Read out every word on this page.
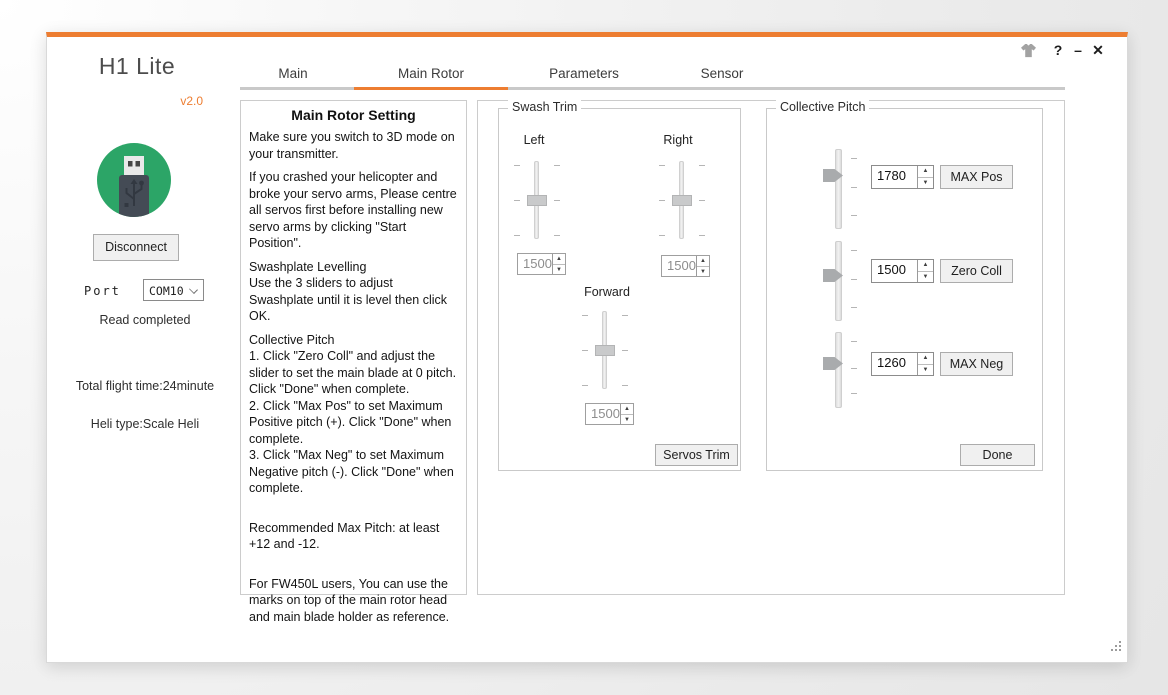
H1 Lite
v2.0
? – ✕
Main	Main Rotor	Parameters	Sensor
Disconnect
Port	COM10
Read completed
Total flight time:24minute
Heli type:Scale Heli
Main Rotor Setting

Make sure you switch to 3D mode on your transmitter.

If you crashed your helicopter and broke your servo arms, Please centre all servos first before installing new servo arms by clicking "Start Position".

Swashplate Levelling

Use the 3 sliders to adjust Swashplate until it is level then click OK.

Collective Pitch

1. Click "Zero Coll" and adjust the slider to set the main blade at 0 pitch. Click "Done" when complete.

2. Click "Max Pos" to set Maximum Positive pitch (+). Click "Done" when complete.

3. Click "Max Neg" to set Maximum Negative pitch (-). Click "Done" when complete.

Recommended Max Pitch: at least +12 and -12.

For FW450L users, You can use the marks on top of the main rotor head and main blade holder as reference.

Swash Trim
Left	Right
1500 ▲
▼	1500 ▲
▼
Forward
1500 ▲
▼
Servos Trim
Collective Pitch
1780	▲
▼	MAX Pos
1500	▲
▼	Zero Coll
1260	▲
▼	MAX Neg
Done
